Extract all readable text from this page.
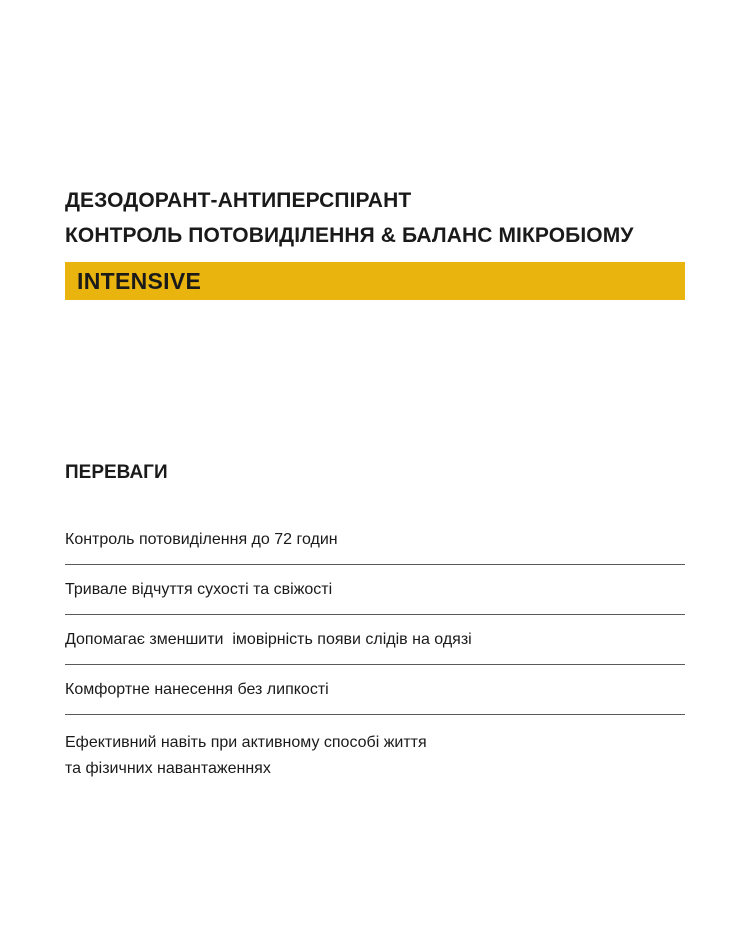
ДЕЗОДОРАНТ-АНТИПЕРСПІРАНТ
КОНТРОЛЬ ПОТОВИДІЛЕННЯ & БАЛАНС МІКРОБІОМУ
INTENSIVE
ПЕРЕВАГИ
Контроль потовиділення до 72 годин
Тривале відчуття сухості та свіжості
Допомагає зменшити  імовірність появи слідів на одязі
Комфортне нанесення без липкості
Ефективний навіть при активному способі життя
та фізичних навантаженнях
